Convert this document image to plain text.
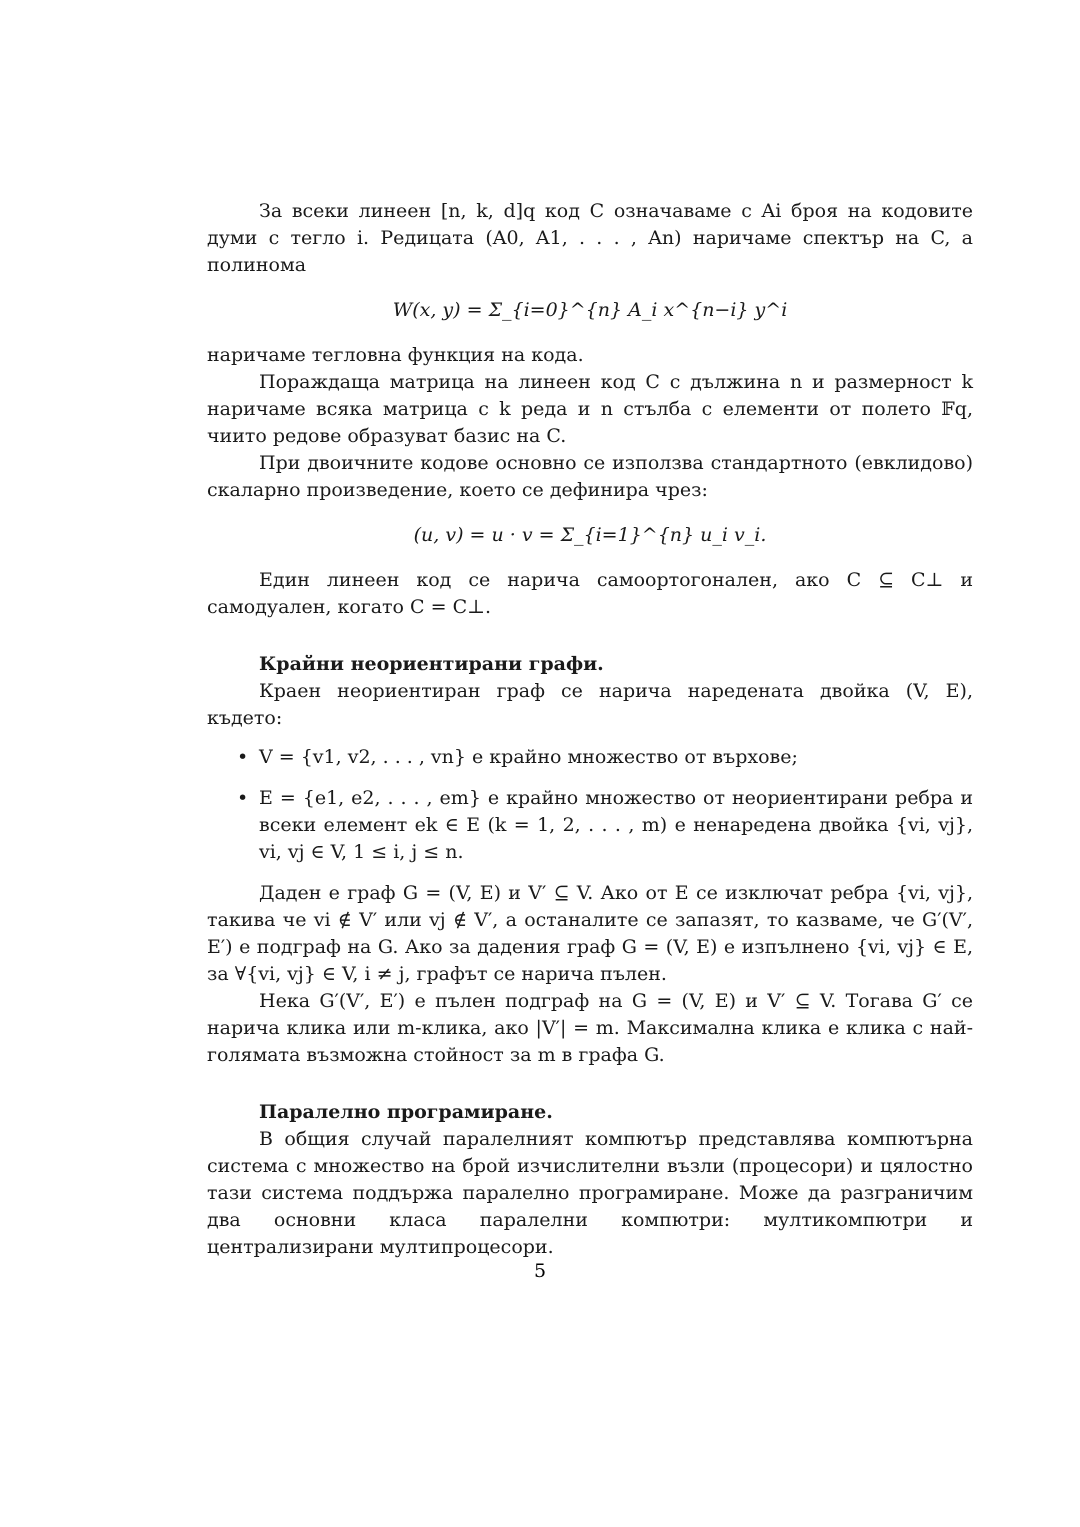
За всеки линеен [n, k, d]q код C означаваме с Ai броя на кодовите думи с тегло i. Редицата (A0, A1, . . . , An) наричаме спектър на C, а полинома

W(x, y) = Σ_{i=0}^{n} A_i x^{n−i} y^i

наричаме тегловна функция на кода.

Пораждаща матрица на линеен код C с дължина n и размерност k наричаме всяка матрица с k реда и n стълба с елементи от полето 𝔽q, чиито редове образуват базис на C.

При двоичните кодове основно се използва стандартното (евклидово) скаларно произведение, което се дефинира чрез:

(u, v) = u · v = Σ_{i=1}^{n} u_i v_i.

Един линеен код се нарича самоортогонален, ако C ⊆ C⊥ и самодуален, когато C = C⊥.

Крайни неориентирани графи.

Краен неориентиран граф се нарича наредената двойка (V, E), където:

• V = {v1, v2, . . . , vn} е крайно множество от върхове;
• E = {e1, e2, . . . , em} е крайно множество от неориентирани ребра и всеки елемент ek ∈ E (k = 1, 2, . . . , m) е ненаредена двойка {vi, vj}, vi, vj ∈ V, 1 ≤ i, j ≤ n.

Даден е граф G = (V, E) и V′ ⊆ V. Ако от E се изключат ребра {vi, vj}, такива че vi ∉ V′ или vj ∉ V′, а останалите се запазят, то казваме, че G′(V′, E′) е подграф на G. Ако за дадения граф G = (V, E) е изпълнено {vi, vj} ∈ E, за ∀{vi, vj} ∈ V, i ≠ j, графът се нарича пълен.

Нека G′(V′, E′) е пълен подграф на G = (V, E) и V′ ⊆ V. Тогава G′ се нарича клика или m-клика, ако |V′| = m. Максимална клика е клика с най-голямата възможна стойност за m в графа G.

Паралелно програмиране.

В общия случай паралелният компютър представлява компютърна система с множество на брой изчислителни възли (процесори) и цялостно тази система поддържа паралелно програмиране. Може да разграничим два основни класа паралелни компютри: мултикомпютри и централизирани мултипроцесори.

5
